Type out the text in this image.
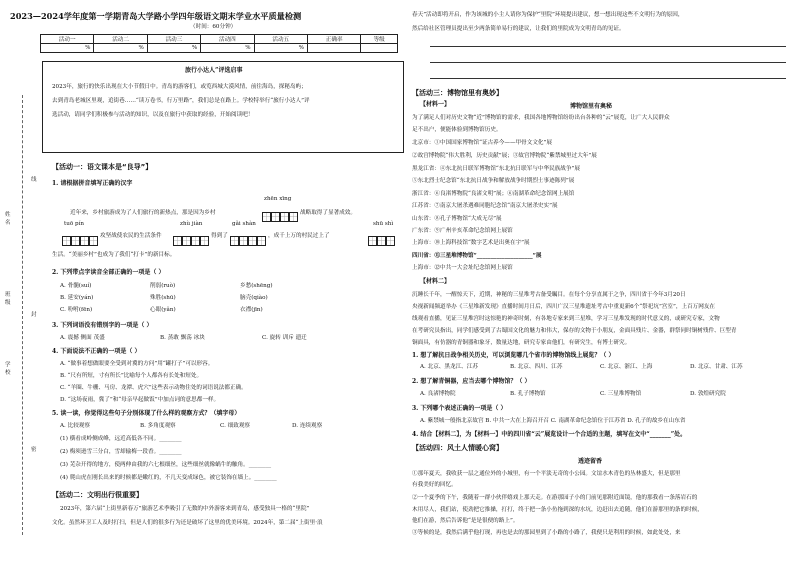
2023—2024学年度第一学期青岛大学路小学四年级语文期末学业水平质量检测
（时间：60分钟）
活动一	活动二	活动三	活动四	活动五	正确率	等级
%	%	%	%	%		
线
封
密
姓名
班级
学校
旅行小达人”评选启事
2023年，旅行的快乐出现在大小节假日中。青岛的游客们，或览西城大漠风情，前往海岛，探秘岛屿；
去到青岛老城区里观，追街巷……“读万卷书，行万里路”，我们总是在路上。学校特举行“旅行小达人”评
选活动，请同学们积极参与活动的知识，以及在旅行中获取的经验，开始阅读吧！
【活动一：语文课本是“良导”】
1. 请根据拼音填写正确的汉字
zhēn xīng
近年来，乡村旅游成为了人们旅行的新热点，那是因为乡村	战略取得了显著成效。
tuō pín	zhù jiàn	gǎi shàn	shū shì
攻坚战使农民的生活条件	得到了	，成千上万的村民过上了
生活。“美丽乡村”也成为了我们“打卡”的新目标。
2. 下列带点字读音全部正确的一项是（ ）
A. 骨髓(suí)	削弱(ruò)	乡愁(shēng)
B. 延安(yán)	殊胜(shū)	脑壳(qiào)
C. 吩咐(fēn)	心眼(yǎn)	衣襟(jīn)
3. 下列词语没有错别字的一项是（ ）
A. 震撼 侧面 茂盛	B. 蒸敢 飘荡 冰块	C. 旋转 训斥 遗迁
4. 下面说法不正确的一项是（ ）
A. “做事着想做眼要全受到对冀的方问”用“罐打子”可以形容。
B. “尺有所短，寸有所长”比喻每个人都各有长处和短处。
C. “羊圈、牛栅、马房、龙潭、虎穴”这些表示动物住处的词语说法都正确。
D. “这场夜雨，冀了”和“母亲早起做饭”中加点词的意思都一样。
5. 读一读，你觉得这些句子分别体现了什么样的观察方式？（填字母）
A. 比较观察	B. 多角度观察	C. 细致观察	D. 连续观察
(1) 横看成岭侧成峰，远近高低各不同。________
(2) 梅须逊雪三分白，雪却输梅一段香。________
(3) 芜杂开得的地方，使两伸由我的六七根细丝，这些细丝就像蜗牛的触角。________
(4) 爬山虎在刚长出来的时候都是嫩红的，不几天变成绿色，被它装饰在墙上。________
【活动二：文明出行很重要】
2023年，第六届“上街里新春万”旅游艺术季吸引了无数的中外游客来到青岛，感受独具一格的“里院”
文化。虽然环卫工人及时打扫，但是人们的很多行为还是破坏了这里的优美环境。2024年，第二届“上街里·浪
春天”活动即将开启，作为该城的小主人请你为保护“里院”环境提出建议，想一想出现这些不文明行为的原因，
然后给社区管理员提出至少两条简单易行的建议，让我们的里院成为文明青岛的见证。
【活动三：博物馆里有奥妙】
【材料一】	博物馆里有奥秘
为了满足人们对历史文物“近”博物馆的需求，我国各地博物馆纷纷出台各种的“云”展览，让广大人民群众
足不出户，便能体验到博物馆历史。
北京市：①中国国家博物馆“证古养今——甲骨文文化”展
②故宫博物院“伟大胜利，历史贡献”展；③故宫博物院“紫禁城里过大年”展
黑龙江省：④东北抗日联军博物馆“东北抗日联军与中华民族战争”展
⑤东北烈士纪念馆“东北抗日战争和解放战争时期烈士事迹陈列”展
浙江省：⑥良渚博物院“良渚文明”展；⑥南湖革命纪念馆网上展馆
江苏省：⑦南京大屠杀遇难同胞纪念馆“南京大屠杀史实”展
山东省：⑧孔子博物馆“大成无尽”展
广东省：⑨广州辛亥革命纪念馆网上展馆
上海市：⑩上海科技馆“数字艺术是出奥在宇”展
四川省：⑪三星堆博物馆“____________________”展
上海市：⑫中共一大会址纪念馆网上展馆
【材料二】
沉睡长千年，一醒惊天下，近期，神秘的三星堆考古备受瞩目。在每个分享直属于之争，四川省于今年3月20日
央视新闻频道举办《三星堆新发现》直播时间月日后，四川广汉三星堆遗址考古中重更新6个“祭祀坑”宫室”，上百万网友在
线观看直播，见证三星堆宫时这惊艳的神奇时刻，有各地专家来到三星堆，学习三星堆发现的时代意义的，或研究专家，文物
在考研究员指出，同学们感受到了古蜀国文化的魅力和伟大，保存的文物于小朋友，金面具残片、金器，群祭同时铜树残件、巨型青
铜面具，有仿器的青铜器和象牙，数量达地，研究专家由他们，有研究生，有博士研究。
1. 想了解抗日战争相关历史，可以浏览哪几个省市的博物馆线上展览？（ ）
A. 北京、黑龙江、江苏	B. 北京、四川、江苏	C. 北京、浙江、上海	D. 北京、甘肃、江苏
2. 想了解青铜器，应当去哪个博物馆？（ ）
A. 良渚博物院	B. 孔子博物馆	C. 三星堆博物馆	D. 敦煌研究院
3. 下列哪个表述正确的一项是（ ）
A. 紫禁城一般指北京故宫 B. 中共一大在上海召开召 C. 南湖革命纪念馆位于江苏省 D. 孔子的故乡在山东省
4. 结合【材料二】，为【材料一】中的四川省“云”展览设计一个合适的主题，填写在文中“_______”处。
【活动四：风土人情暖心窝】
透迹留香
①那年夏天，我收获一层之通位外的小城里，有一个平淡无奇的小公园。文谊水木青色的丛林盛大，但是那里
有我美好的回忆。
②一个夏季的下午，我随着一群小伙伴嬉戏上那天走。在游那园子小的门前见那附近面镜，他的那我看一条落岩石的
木用尽人，我们站，使劲把它推搡，打打，终于把一条小鱼拖到深的水坑，边赶出去追随，他们在游那里的条的时候，
他们在游，然后告诉他“是是很便的路上”。
③等候的是，我然后满乎他打现，再也是去的那园里到了小路的小路了，我便只是利用的时候，如此处处，来
